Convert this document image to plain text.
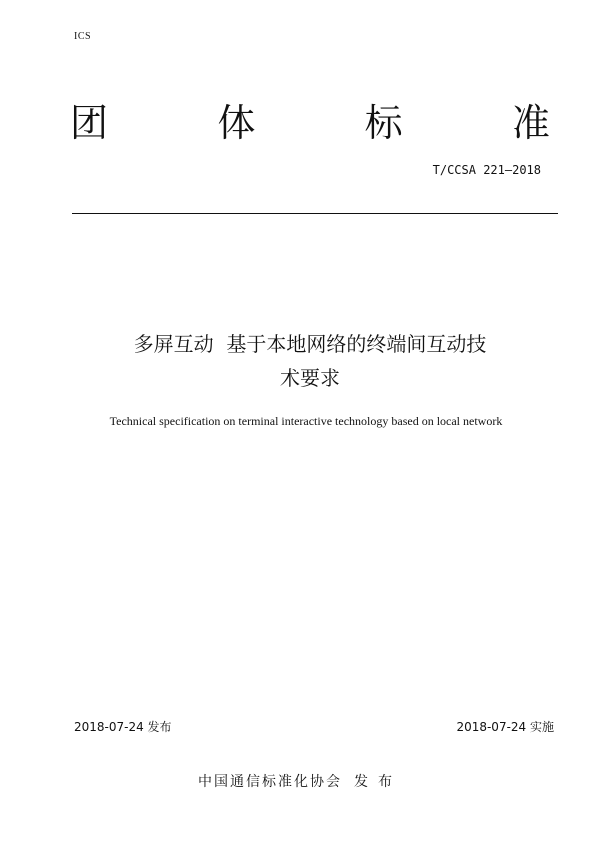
ICS
团	体	标	准
T/CCSA 221—2018
多屏互动  基于本地网络的终端间互动技
术要求
Technical specification on terminal interactive technology based on local network
2018-07-24 发布	2018-07-24 实施
中国通信标准化协会 发布
